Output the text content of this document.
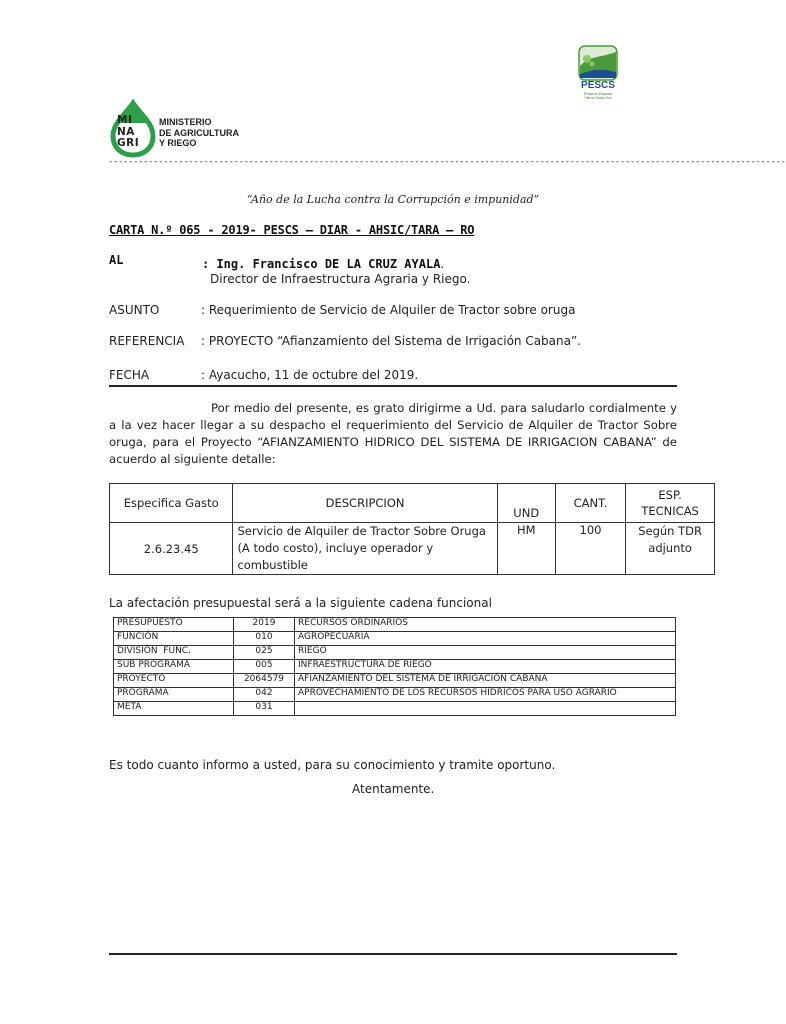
MI
NA
GRI
MINISTERIO
DE AGRICULTURA
Y RIEGO
PESCS
Proyecto Especial
Sierra Centro Sur
---------------------------------------------------------------------------------------------------------------------------------------
“Año de la Lucha contra la Corrupción e impunidad”
CARTA N.º 065 - 2019- PESCS – DIAR - AHSIC/TARA – RO
AL	: Ing. Francisco DE LA CRUZ AYALA.
Director de Infraestructura Agraria y Riego.
ASUNTO	: Requerimiento de Servicio de Alquiler de Tractor sobre oruga
REFERENCIA : PROYECTO “Afianzamiento del Sistema de Irrigación Cabana”.
FECHA	: Ayacucho, 11 de octubre del 2019.
Por medio del presente, es grato dirigirme a Ud. para saludarlo cordialmente y a la vez hacer llegar a su despacho el requerimiento del Servicio de Alquiler de Tractor Sobre oruga, para el Proyecto “AFIANZAMIENTO HIDRICO DEL SISTEMA DE IRRIGACION CABANA” de acuerdo al siguiente detalle:
Especifica Gasto	DESCRIPCION	UND	CANT.	ESP. TECNICAS
2.6.23.45	Servicio de Alquiler de Tractor Sobre Oruga (A todo costo), incluye operador y combustible	HM	100	Según TDR adjunto
La afectación presupuestal será a la siguiente cadena funcional
PRESUPUESTO	2019	RECURSOS ORDINARIOS
FUNCIÓN	010	AGROPECUARIA
DIVISIÓN  FUNC.	025	RIEGO
SUB PROGRAMA	005	INFRAESTRUCTURA DE RIEGO
PROYECTO	2064579	AFIANZAMIENTO DEL SISTEMA DE IRRIGACIÓN CABANA
PROGRAMA	042	APROVECHAMIENTO DE LOS RECURSOS HÍDRICOS PARA USO AGRARIO
META	031	
Es todo cuanto informo a usted, para su conocimiento y tramite oportuno.
Atentamente.
